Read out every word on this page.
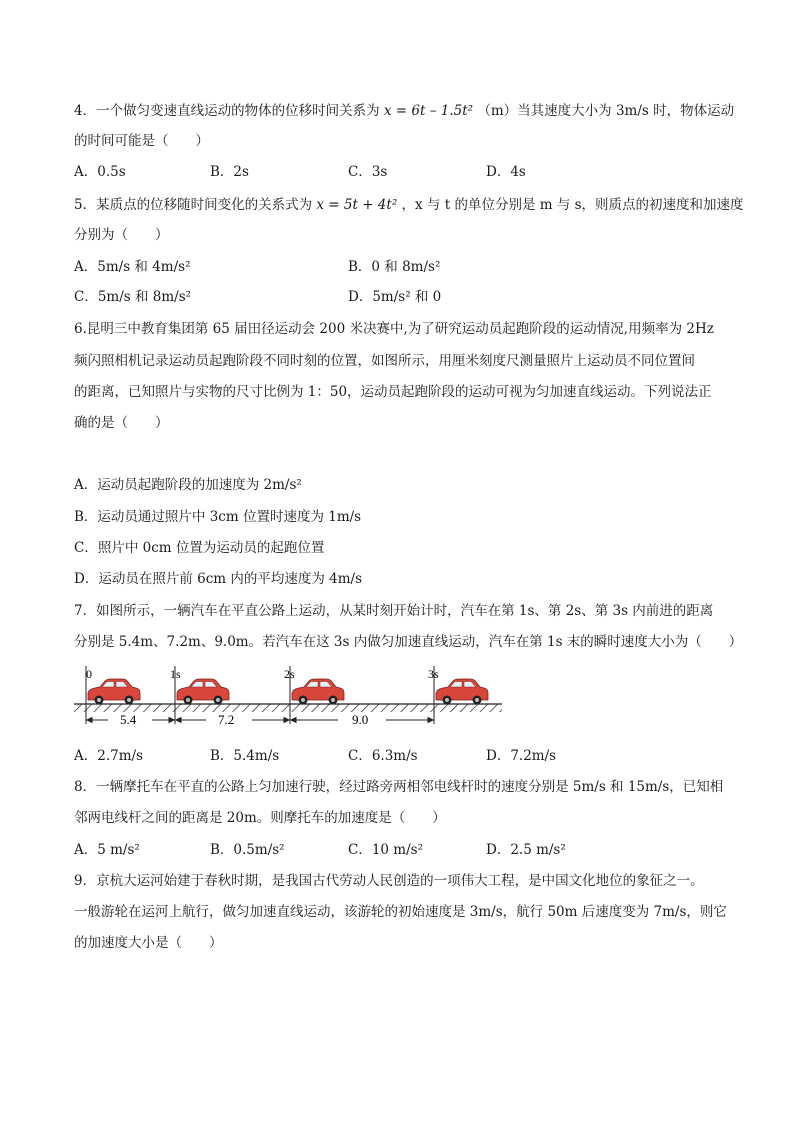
4．一个做匀变速直线运动的物体的位移时间关系为 x = 6t – 1.5t² （m）当其速度大小为 3m/s 时，物体运动
的时间可能是（　　）
A．0.5s	B．2s	C．3s	D．4s
5．某质点的位移随时间变化的关系式为 x = 5t + 4t² ，x 与 t 的单位分别是 m 与 s，则质点的初速度和加速度
分别为（　　）
A．5m/s 和 4m/s²	B．0 和 8m/s²
C．5m/s 和 8m/s²	D．5m/s² 和 0
6.昆明三中教育集团第 65 届田径运动会 200 米决赛中,为了研究运动员起跑阶段的运动情况,用频率为 2Hz
频闪照相机记录运动员起跑阶段不同时刻的位置，如图所示，用厘米刻度尺测量照片上运动员不同位置间
的距离，已知照片与实物的尺寸比例为 1：50，运动员起跑阶段的运动可视为匀加速直线运动。下列说法正
确的是（　　）
A．运动员起跑阶段的加速度为 2m/s²
B．运动员通过照片中 3cm 位置时速度为 1m/s
C．照片中 0cm 位置为运动员的起跑位置
D．运动员在照片前 6cm 内的平均速度为 4m/s
7．如图所示，一辆汽车在平直公路上运动，从某时刻开始计时，汽车在第 1s、第 2s、第 3s 内前进的距离
分别是 5.4m、7.2m、9.0m。若汽车在这 3s 内做匀加速直线运动，汽车在第 1s 末的瞬时速度大小为（　　）
0	1s	2s	3s
5.4	7.2	9.0
A．2.7m/s	B．5.4m/s	C．6.3m/s	D．7.2m/s
8．一辆摩托车在平直的公路上匀加速行驶，经过路旁两相邻电线杆时的速度分别是 5m/s 和 15m/s，已知相
邻两电线杆之间的距离是 20m。则摩托车的加速度是（　　）
A．5 m/s²	B．0.5m/s²	C．10 m/s²	D．2.5 m/s²
9．京杭大运河始建于春秋时期，是我国古代劳动人民创造的一项伟大工程，是中国文化地位的象征之一。
一般游轮在运河上航行，做匀加速直线运动，该游轮的初始速度是 3m/s，航行 50m 后速度变为 7m/s，则它
的加速度大小是（　　）
